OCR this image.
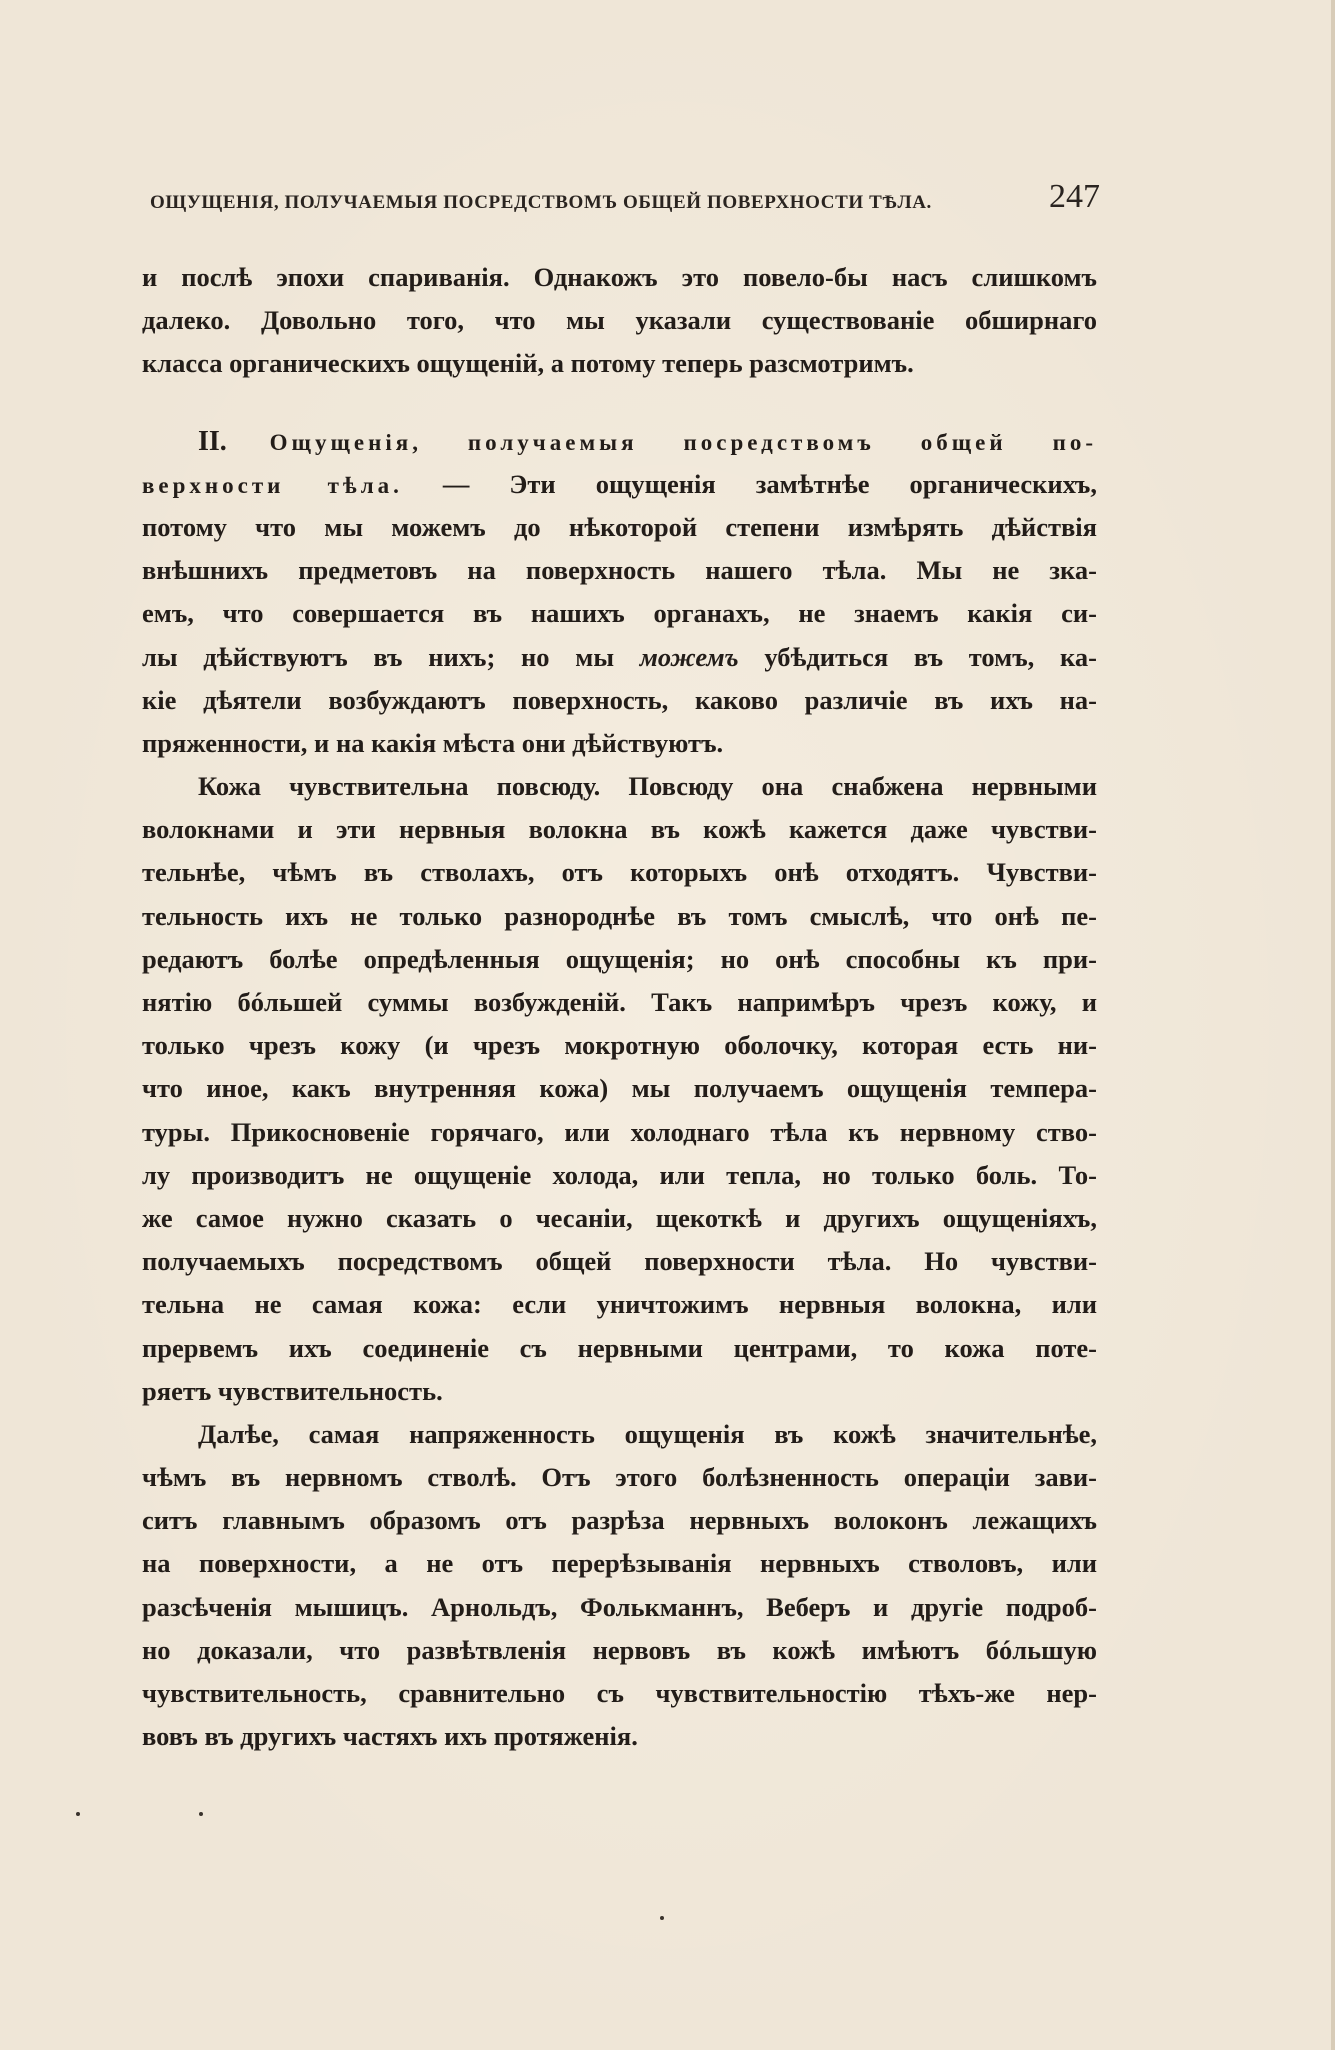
ОЩУЩЕНІЯ, ПОЛУЧАЕМЫЯ ПОСРЕДСТВОМЪ ОБЩЕЙ ПОВЕРХНОСТИ ТѢЛА.	247
и послѣ эпохи спариванія. Однакожъ это повело-бы насъ слишкомъ
далеко. Довольно того, что мы указали существованіе обширнаго
класса органическихъ ощущеній, а потому теперь разсмотримъ.
II. Ощущенія, получаемыя посредствомъ общей по-
верхности тѣла. — Эти ощущенія замѣтнѣе органическихъ,
потому что мы можемъ до нѣкоторой степени измѣрять дѣйствія
внѣшнихъ предметовъ на поверхность нашего тѣла. Мы не зка-
емъ, что совершается въ нашихъ органахъ, не знаемъ какія си-
лы дѣйствуютъ въ нихъ; но мы можемъ убѣдиться въ томъ, ка-
кіе дѣятели возбуждаютъ поверхность, каково различіе въ ихъ на-
пряженности, и на какія мѣста они дѣйствуютъ.
Кожа чувствительна повсюду. Повсюду она снабжена нервными
волокнами и эти нервныя волокна въ кожѣ кажется даже чувстви-
тельнѣе, чѣмъ въ стволахъ, отъ которыхъ онѣ отходятъ. Чувстви-
тельность ихъ не только разнороднѣе въ томъ смыслѣ, что онѣ пе-
редаютъ болѣе опредѣленныя ощущенія; но онѣ способны къ при-
нятію бóльшей суммы возбужденій. Такъ напримѣръ чрезъ кожу, и
только чрезъ кожу (и чрезъ мокротную оболочку, которая есть ни-
что иное, какъ внутренняя кожа) мы получаемъ ощущенія темпера-
туры. Прикосновеніе горячаго, или холоднаго тѣла къ нервному ство-
лу производитъ не ощущеніе холода, или тепла, но только боль. То-
же самое нужно сказать о чесаніи, щекоткѣ и другихъ ощущеніяхъ,
получаемыхъ посредствомъ общей поверхности тѣла. Но чувстви-
тельна не самая кожа: если уничтожимъ нервныя волокна, или
прервемъ ихъ соединеніе съ нервными центрами, то кожа поте-
ряетъ чувствительность.
Далѣе, самая напряженность ощущенія въ кожѣ значительнѣе,
чѣмъ въ нервномъ стволѣ. Отъ этого болѣзненность операціи зави-
ситъ главнымъ образомъ отъ разрѣза нервныхъ волоконъ лежащихъ
на поверхности, а не отъ перерѣзыванія нервныхъ стволовъ, или
разсѣченія мышицъ. Арнольдъ, Фолькманнъ, Веберъ и другіе подроб-
но доказали, что развѣтвленія нервовъ въ кожѣ имѣютъ бóльшую
чувствительность, сравнительно съ чувствительностію тѣхъ-же нер-
вовъ въ другихъ частяхъ ихъ протяженія.
